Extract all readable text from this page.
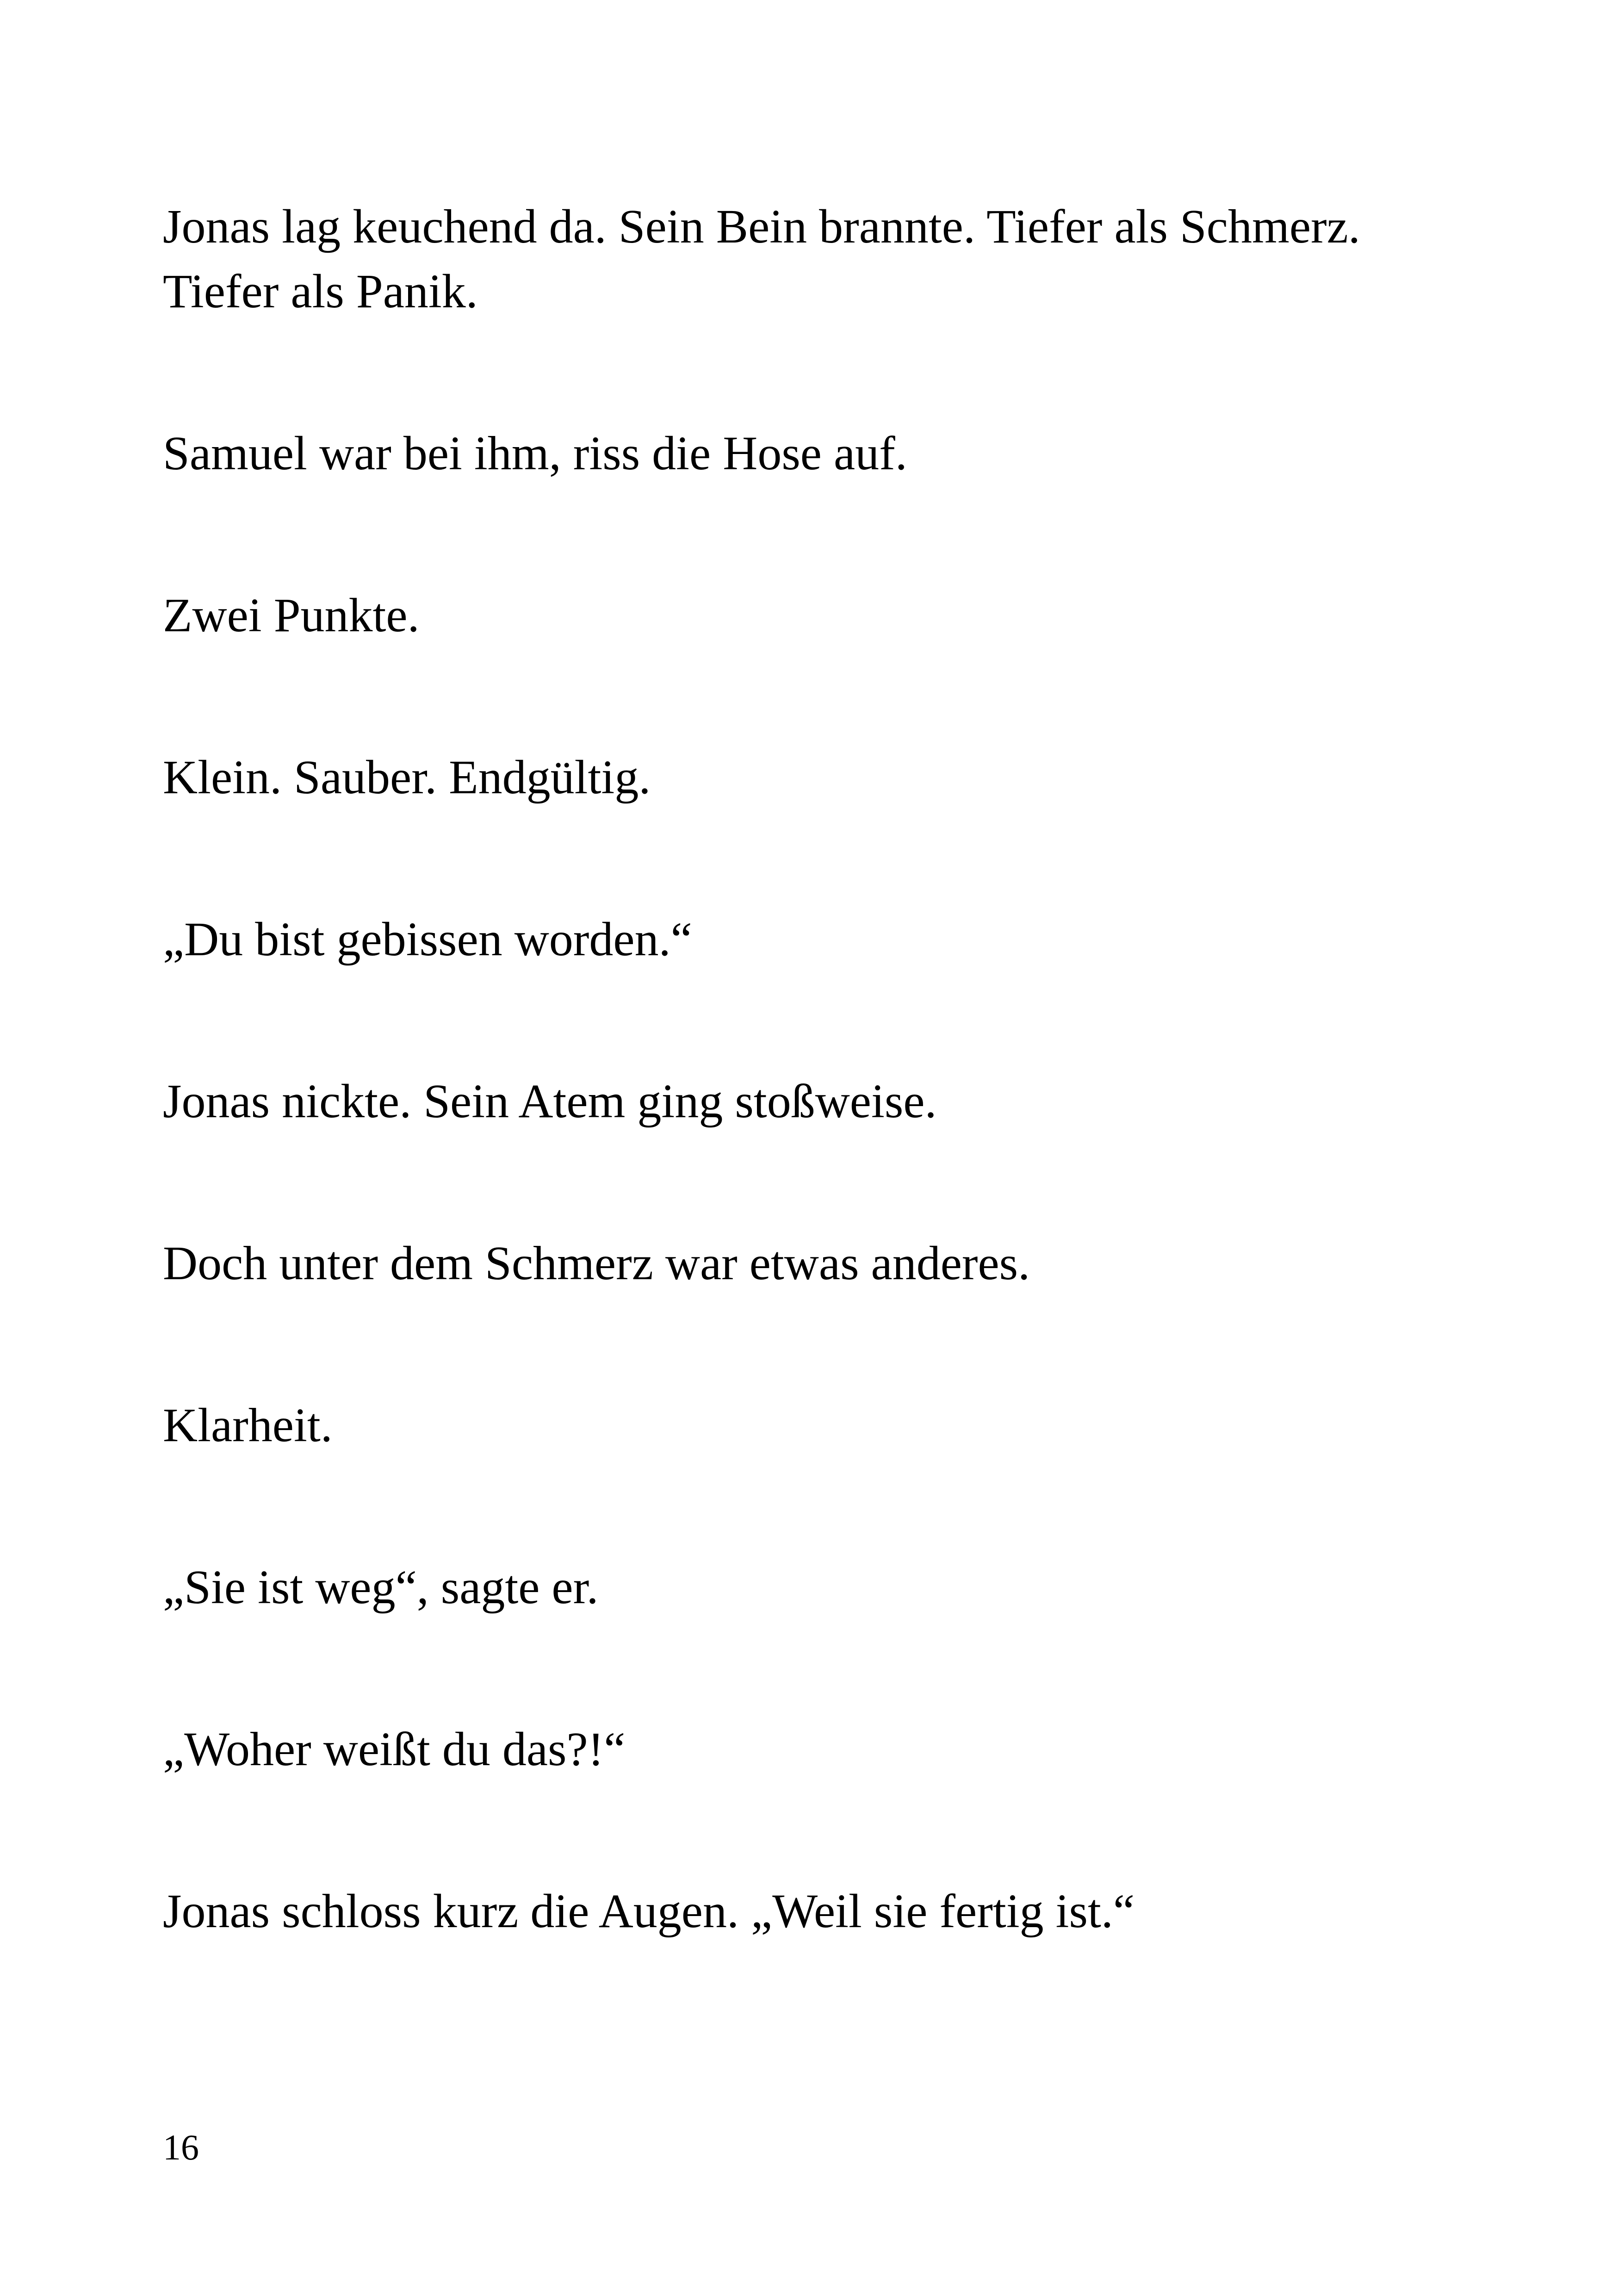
Jonas lag keuchend da. Sein Bein brannte. Tiefer als Schmerz.
Tiefer als Panik.

Samuel war bei ihm, riss die Hose auf.

Zwei Punkte.

Klein. Sauber. Endgültig.

„Du bist gebissen worden.“

Jonas nickte. Sein Atem ging stoßweise.

Doch unter dem Schmerz war etwas anderes.

Klarheit.

„Sie ist weg“, sagte er.

„Woher weißt du das?!“

Jonas schloss kurz die Augen. „Weil sie fertig ist.“

16
